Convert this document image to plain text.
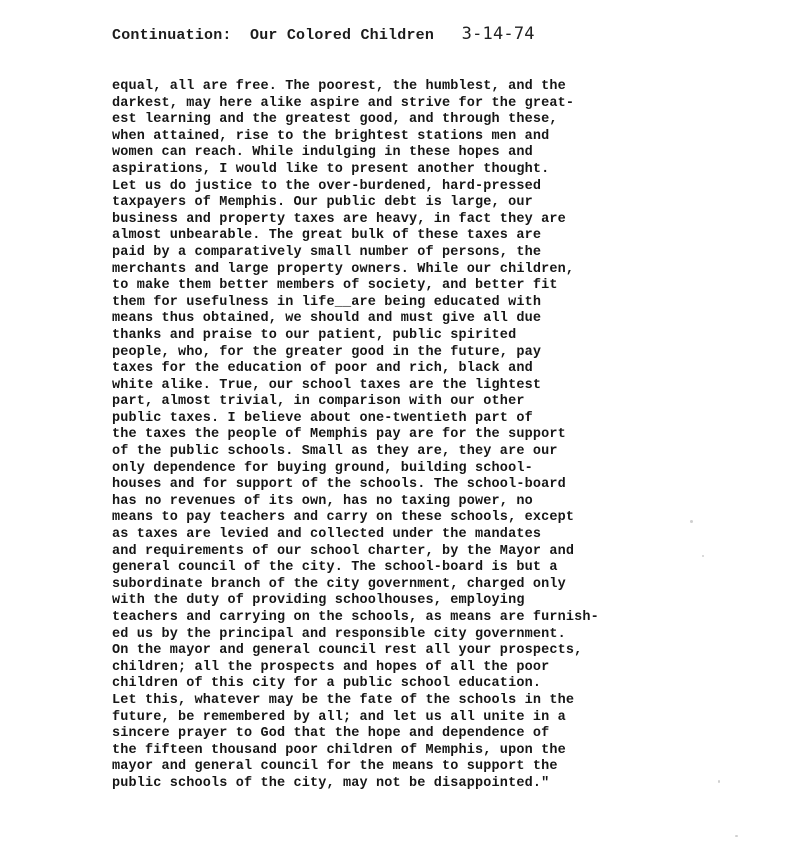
Continuation:  Our Colored Children 3-14-74
equal, all are free. The poorest, the humblest, and the
darkest, may here alike aspire and strive for the great-
est learning and the greatest good, and through these,
when attained, rise to the brightest stations men and
women can reach. While indulging in these hopes and
aspirations, I would like to present another thought.
Let us do justice to the over-burdened, hard-pressed
taxpayers of Memphis. Our public debt is large, our
business and property taxes are heavy, in fact they are
almost unbearable. The great bulk of these taxes are
paid by a comparatively small number of persons, the
merchants and large property owners. While our children,
to make them better members of society, and better fit
them for usefulness in life__are being educated with
means thus obtained, we should and must give all due
thanks and praise to our patient, public spirited
people, who, for the greater good in the future, pay
taxes for the education of poor and rich, black and
white alike. True, our school taxes are the lightest
part, almost trivial, in comparison with our other
public taxes. I believe about one-twentieth part of
the taxes the people of Memphis pay are for the support
of the public schools. Small as they are, they are our
only dependence for buying ground, building school-
houses and for support of the schools. The school-board
has no revenues of its own, has no taxing power, no
means to pay teachers and carry on these schools, except
as taxes are levied and collected under the mandates
and requirements of our school charter, by the Mayor and
general council of the city. The school-board is but a
subordinate branch of the city government, charged only
with the duty of providing schoolhouses, employing
teachers and carrying on the schools, as means are furnish-
ed us by the principal and responsible city government.
On the mayor and general council rest all your prospects,
children; all the prospects and hopes of all the poor
children of this city for a public school education.
Let this, whatever may be the fate of the schools in the
future, be remembered by all; and let us all unite in a
sincere prayer to God that the hope and dependence of
the fifteen thousand poor children of Memphis, upon the
mayor and general council for the means to support the
public schools of the city, may not be disappointed."
